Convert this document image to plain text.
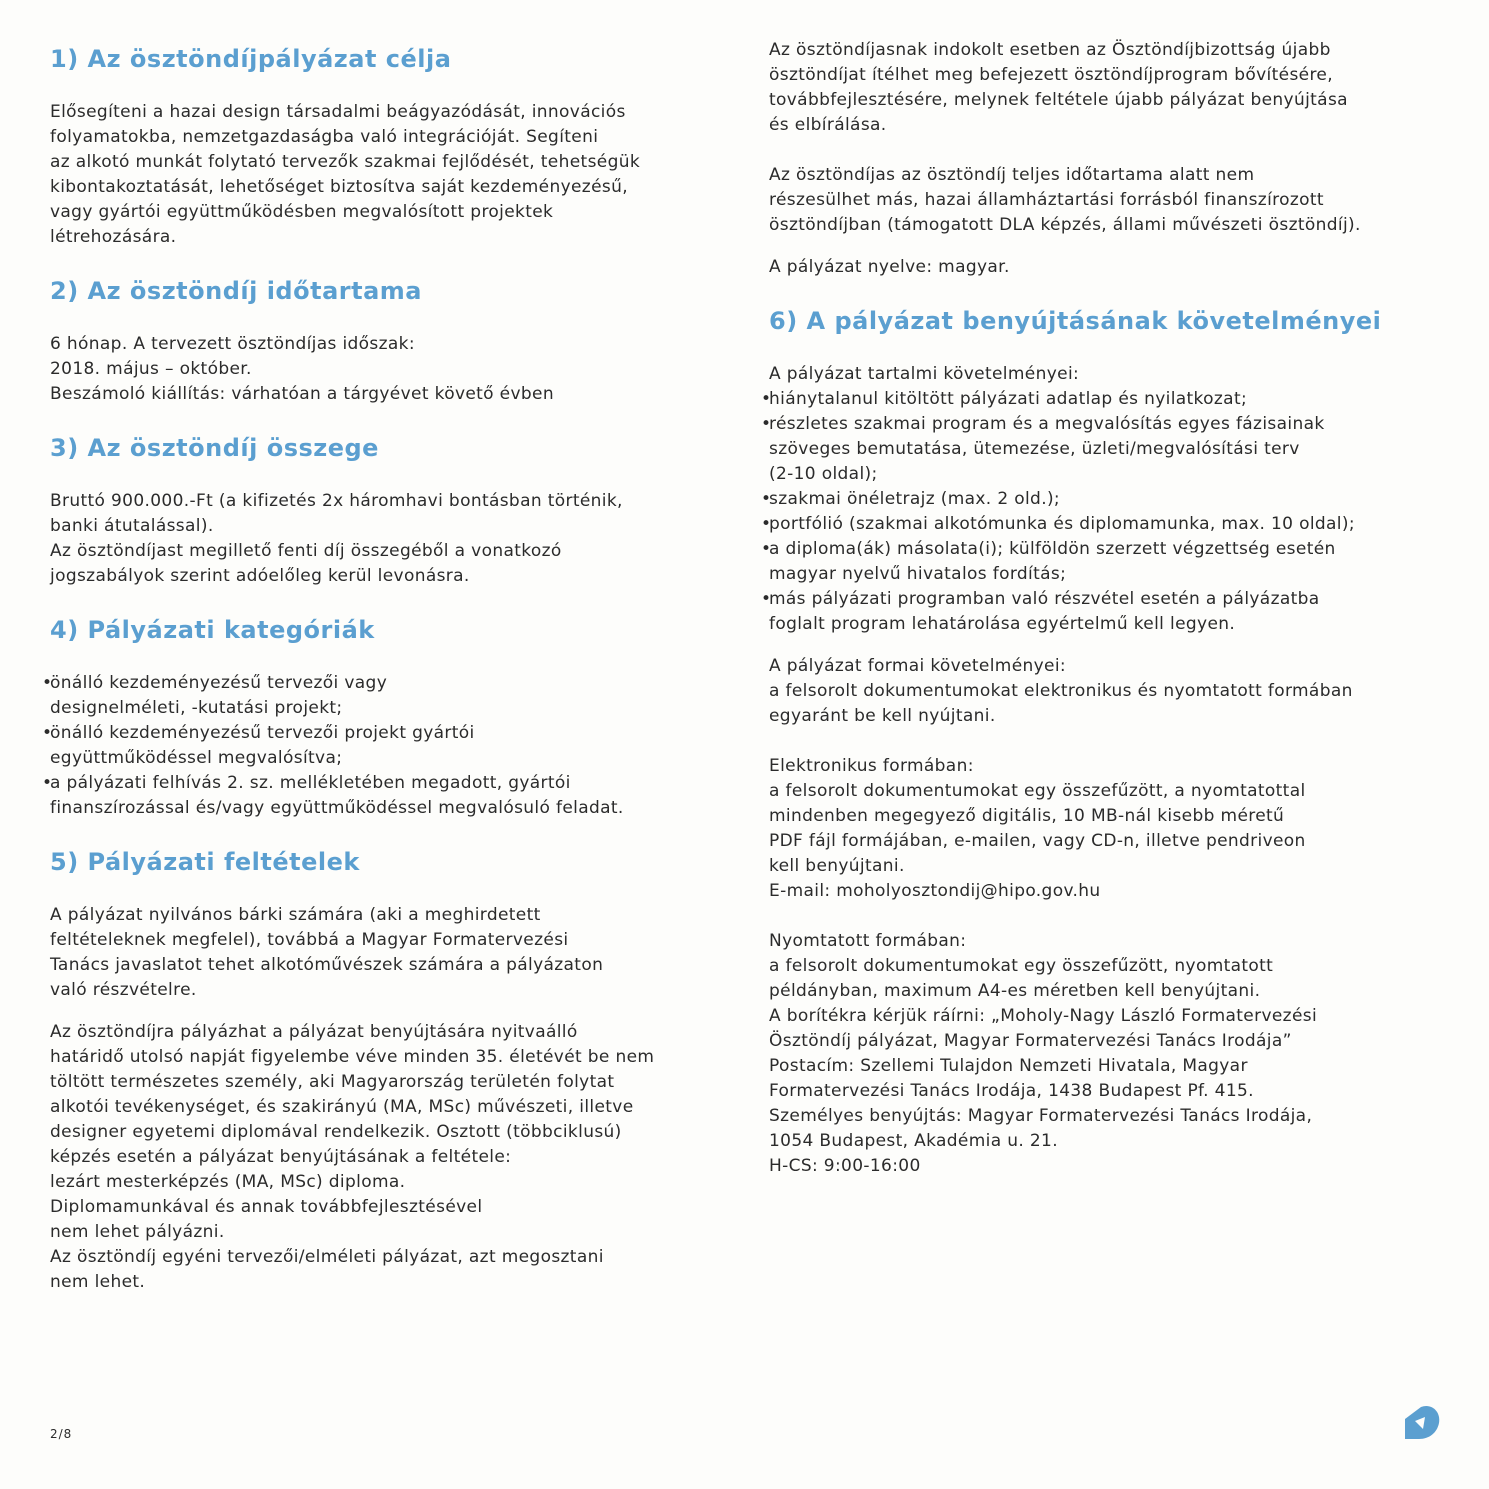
1) Az ösztöndíjpályázat célja

Elősegíteni a hazai design társadalmi beágyazódását, innovációs
folyamatokba, nemzetgazdaságba való integrációját. Segíteni
az alkotó munkát folytató tervezők szakmai fejlődését, tehetségük
kibontakoztatását, lehetőséget biztosítva saját kezdeményezésű,
vagy gyártói együttműködésben megvalósított projektek
létrehozására.

2) Az ösztöndíj időtartama

6 hónap. A tervezett ösztöndíjas időszak:
2018. május – október.
Beszámoló kiállítás: várhatóan a tárgyévet követő évben

3) Az ösztöndíj összege

Bruttó 900.000.-Ft (a kifizetés 2x háromhavi bontásban történik,
banki átutalással).
Az ösztöndíjast megillető fenti díj összegéből a vonatkozó
jogszabályok szerint adóelőleg kerül levonásra.

4) Pályázati kategóriák
• önálló kezdeményezésű tervezői vagy
designelméleti, -kutatási projekt;
• önálló kezdeményezésű tervezői projekt gyártói
együttműködéssel megvalósítva;
• a pályázati felhívás 2. sz. mellékletében megadott, gyártói
finanszírozással és/vagy együttműködéssel megvalósuló feladat.
5) Pályázati feltételek

A pályázat nyilvános bárki számára (aki a meghirdetett
feltételeknek megfelel), továbbá a Magyar Formatervezési
Tanács javaslatot tehet alkotóművészek számára a pályázaton
való részvételre.

Az ösztöndíjra pályázhat a pályázat benyújtására nyitvaálló
határidő utolsó napját figyelembe véve minden 35. életévét be nem
töltött természetes személy, aki Magyarország területén folytat
alkotói tevékenységet, és szakirányú (MA, MSc) művészeti, illetve
designer egyetemi diplomával rendelkezik. Osztott (többciklusú)
képzés esetén a pályázat benyújtásának a feltétele:
lezárt mesterképzés (MA, MSc) diploma.
Diplomamunkával és annak továbbfejlesztésével
nem lehet pályázni.
Az ösztöndíj egyéni tervezői/elméleti pályázat, azt megosztani
nem lehet.

Az ösztöndíjasnak indokolt esetben az Ösztöndíjbizottság újabb
ösztöndíjat ítélhet meg befejezett ösztöndíjprogram bővítésére,
továbbfejlesztésére, melynek feltétele újabb pályázat benyújtása
és elbírálása.

Az ösztöndíjas az ösztöndíj teljes időtartama alatt nem
részesülhet más, hazai államháztartási forrásból finanszírozott
ösztöndíjban (támogatott DLA képzés, állami művészeti ösztöndíj).

A pályázat nyelve: magyar.

6) A pályázat benyújtásának követelményei

A pályázat tartalmi követelményei:

• hiánytalanul kitöltött pályázati adatlap és nyilatkozat;
• részletes szakmai program és a megvalósítás egyes fázisainak
szöveges bemutatása, ütemezése, üzleti/megvalósítási terv
(2-10 oldal);
• szakmai önéletrajz (max. 2 old.);
• portfólió (szakmai alkotómunka és diplomamunka, max. 10 oldal);
• a diploma(ák) másolata(i); külföldön szerzett végzettség esetén
magyar nyelvű hivatalos fordítás;
• más pályázati programban való részvétel esetén a pályázatba
foglalt program lehatárolása egyértelmű kell legyen.

A pályázat formai követelményei:
a felsorolt dokumentumokat elektronikus és nyomtatott formában
egyaránt be kell nyújtani.

Elektronikus formában:
a felsorolt dokumentumokat egy összefűzött, a nyomtatottal
mindenben megegyező digitális, 10 MB-nál kisebb méretű
PDF fájl formájában, e-mailen, vagy CD-n, illetve pendriveon
kell benyújtani.
E-mail: moholyosztondij@hipo.gov.hu

Nyomtatott formában:
a felsorolt dokumentumokat egy összefűzött, nyomtatott
példányban, maximum A4-es méretben kell benyújtani.
A borítékra kérjük ráírni: „Moholy-Nagy László Formatervezési
Ösztöndíj pályázat, Magyar Formatervezési Tanács Irodája”
Postacím: Szellemi Tulajdon Nemzeti Hivatala, Magyar
Formatervezési Tanács Irodája, 1438 Budapest Pf. 415.
Személyes benyújtás: Magyar Formatervezési Tanács Irodája,
1054 Budapest, Akadémia u. 21.
H-CS: 9:00-16:00

2/8
